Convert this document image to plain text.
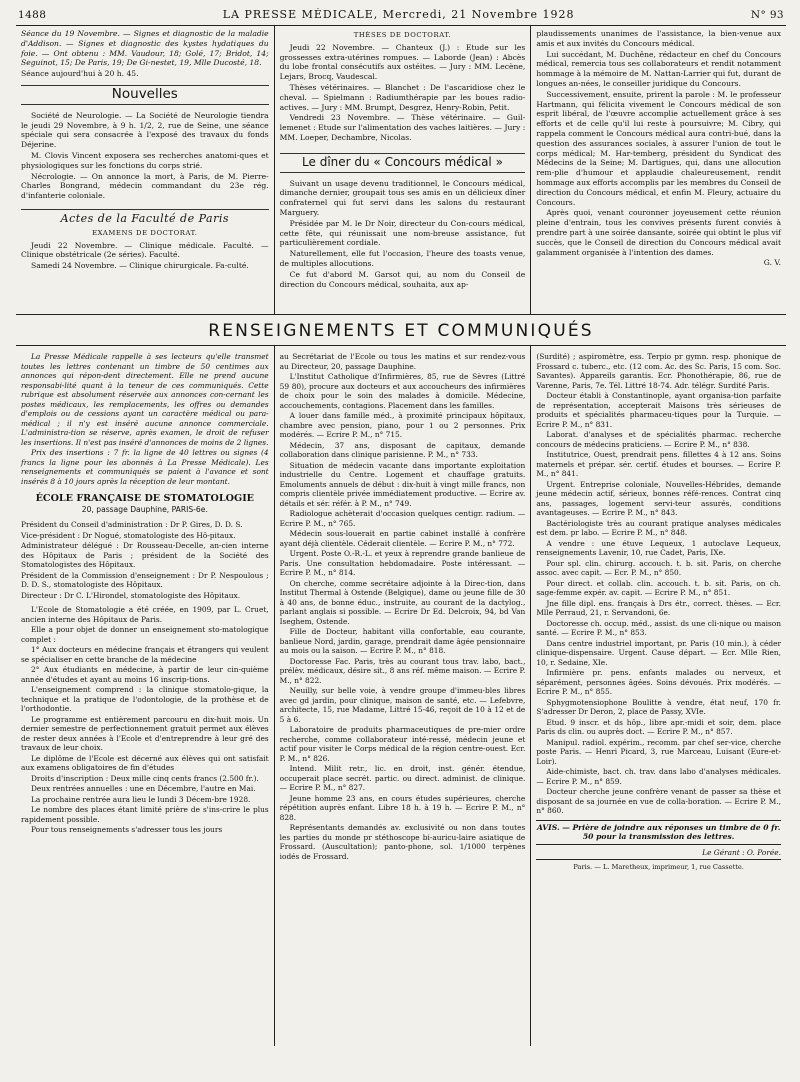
1488	LA PRESSE MÉDICALE, Mercredi, 21 Novembre 1928	N° 93

Séance du 19 Novembre. — Signes et diagnostic de la maladie d'Addison. — Signes et diagnostic des kystes hydatiques du foie. — Ont obtenu : MM. Vaudour, 18; Golé, 17; Bridot, 14; Seguinot, 15; De Paris, 19; De Gi-nestet, 19, Mlle Ducosté, 18.

Séance aujourd'hui à 20 h. 45.

Nouvelles

Société de Neurologie. — La Société de Neurologie tiendra le jeudi 29 Novembre, à 9 h. 1/2, 2, rue de Seine, une séance spéciale qui sera consacrée à l'exposé des travaux du fonds Déjerine.

M. Clovis Vincent exposera ses recherches anatomi-ques et physiologiques sur les fonctions du corps strié.

Nécrologie. — On annonce la mort, à Paris, de M. Pierre-Charles Bongrand, médecin commandant du 23e rég. d'infanterie coloniale.

Actes de la Faculté de Paris
EXAMENS DE DOCTORAT.

Jeudi 22 Novembre. — Clinique médicale. Faculté. — Clinique obstétricale (2e séries). Faculté.

Samedi 24 Novembre. — Clinique chirurgicale. Fa-culté.

THÈSES DE DOCTORAT.

Jeudi 22 Novembre. — Chanteux (J.) : Etude sur les grossesses extra-utérines rompues. — Laborde (Jean) : Abcès du lobe frontal consécutifs aux ostéites. — Jury : MM. Lecène, Lejars, Brocq, Vaudescal.

Thèses vétérinaires. — Blanchet : De l'ascaridiose chez le cheval. — Spielmann : Radiumthérapie par les boues radio-actives. — Jury : MM. Brumpt, Desgrez, Henry-Robin, Petit.

Vendredi 23 Novembre. — Thèse vétérinaire. — Guil-lemenet : Etude sur l'alimentation des vaches laitières. — Jury : MM. Loeper, Dechambre, Nicolas.

Le dîner du « Concours médical »

Suivant un usage devenu traditionnel, le Concours médical, dimanche dernier, groupait tous ses amis en un délicieux dîner confraternel qui fut servi dans les salons du restaurant Marguery.

Présidée par M. le Dr Noir, directeur du Con-cours médical, cette fête, qui réunissait une nom-breuse assistance, fut particulièrement cordiale.

Naturellement, elle fut l'occasion, l'heure des toasts venue, de multiples allocutions.

Ce fut d'abord M. Garsot qui, au nom du Conseil de direction du Concours médical, souhaita, aux ap-

plaudissements unanimes de l'assistance, la bien-venue aux amis et aux invités du Concours médical.

Lui succédant, M. Duchêne, rédacteur en chef du Concours médical, remercia tous ses collaborateurs et rendit notamment hommage à la mémoire de M. Nattan-Larrier qui fut, durant de longues an-nées, le conseiller juridique du Concours.

Successivement, ensuite, prirent la parole : M. le professeur Hartmann, qui félicita vivement le Concours médical de son esprit libéral, de l'œuvre accomplie actuellement grâce à ses efforts et de celle qu'il lui reste à poursuivre; M. Cibry, qui rappela comment le Concours médical aura contri-bué, dans la question des assurances sociales, à assurer l'union de tout le corps médical; M. Har-temberg, président du Syndicat des Médecins de la Seine; M. Dartigues, qui, dans une allocution rem-plie d'humour et applaudie chaleureusement, rendit hommage aux efforts accomplis par les membres du Conseil de direction du Concours médical, et enfin M. Fleury, actuaire du Concours.

Après quoi, venant couronner joyeusement cette réunion pleine d'entrain, tous les convives présents furent conviés à prendre part à une soirée dansante, soirée qui obtint le plus vif succès, que le Conseil de direction du Concours médical avait galamment organisée à l'intention des dames.

G. V.

RENSEIGNEMENTS ET COMMUNIQUÉS

La Presse Médicale rappelle à ses lecteurs qu'elle transmet toutes les lettres contenant un timbre de 50 centimes aux annonces qui répon-dent directement. Elle ne prend aucune responsabi-lité quant à la teneur de ces communiqués. Cette rubrique est absolument réservée aux annonces con-cernant les postes médicaux, les remplacements, les offres ou demandes d'emplois ou de cessions ayant un caractère médical ou para-médical ; il n'y est inséré aucune annonce commerciale. L'administra-tion se réserve, après examen, le droit de refuser les insertions. Il n'est pas inséré d'annonces de moins de 2 lignes.

Prix des insertions : 7 fr. la ligne de 40 lettres ou signes (4 francs la ligne pour les abonnés à La Presse Médicale). Les renseignements et communiqués se paient à l'avance et sont insérés 8 à 10 jours après la réception de leur montant.

ÉCOLE FRANÇAISE DE STOMATOLOGIE
20, passage Dauphine, PARIS-6e.

Président du Conseil d'administration : Dr P. Gires, D. D. S.

Vice-président : Dr Nogué, stomatologiste des Hô-pitaux.

Administrateur délégué : Dr Rousseau-Decelle, an-cien interne des Hôpitaux de Paris ; président de la Société des Stomatologistes des Hôpitaux.

Président de la Commission d'enseignement : Dr P. Nespoulous ; D. D. S., stomatologiste des Hôpitaux.

Directeur : Dr C. L'Hirondel, stomatologiste des Hôpitaux.

L'Ecole de Stomatologie a été créée, en 1909, par L. Cruet, ancien interne des Hôpitaux de Paris.

Elle a pour objet de donner un enseignement sto-matologique complet :

1° Aux docteurs en médecine français et étrangers qui veulent se spécialiser en cette branche de la médecine

2° Aux étudiants en médecine, à partir de leur cin-quième année d'études et ayant au moins 16 inscrip-tions.

L'enseignement comprend : la clinique stomatolo-gique, la technique et la pratique de l'odontologie, de la prothèse et de l'orthodontie.

Le programme est entièrement parcouru en dix-huit mois. Un dernier semestre de perfectionnement gratuit permet aux élèves de rester deux années à l'Ecole et d'entreprendre à leur gré des travaux de leur choix.

Le diplôme de l'Ecole est décerné aux élèves qui ont satisfait aux examens obligatoires de fin d'études

Droits d'inscription : Deux mille cinq cents francs (2.500 fr.).

Deux rentrées annuelles : une en Décembre, l'autre en Mai.

La prochaine rentrée aura lieu le lundi 3 Décem-bre 1928.

Le nombre des places étant limité prière de s'ins-crire le plus rapidement possible.

Pour tous renseignements s'adresser tous les jours

au Secrétariat de l'Ecole ou tous les matins et sur rendez-vous au Directeur, 20, passage Dauphine.

L'Institut Catholique d'Infirmières, 85, rue de Sèvres (Littré 59 80), procure aux docteurs et aux accoucheurs des infirmières de choix pour le soin des malades à domicile. Médecine, accouchements, contagions. Placement dans les familles.

A louer dans famille méd., à proximité principaux hôpitaux, chambre avec pension, piano, pour 1 ou 2 personnes. Prix modérés. — Ecrire P. M., n° 715.

Médecin, 37 ans, disposant de capitaux, demande collaboration dans clinique parisienne. P. M., n° 733.

Situation de médecin vacante dans importante exploitation industrielle du Centre. Logement et chauffage gratuits. Emoluments annuels de début : dix-huit à vingt mille francs, non compris clientèle privée immédiatement productive. — Ecrire av. détails et sér. référ. à P. M., n° 749.

Radiologue achèterait d'occasion quelques centigr. radium. — Ecrire P. M., n° 765.

Médecin sous-louerait en partie cabinet installé à confrère ayant déjà clientèle. Céderait clientèle. — Ecrire P. M., n° 772.

Urgent. Poste O.-R.-L. et yeux à reprendre grande banlieue de Paris. Une consultation hebdomadaire. Poste intéressant. — Ecrire P. M., n° 814.

On cherche, comme secrétaire adjointe à la Direc-tion, dans Institut Thermal à Ostende (Belgique), dame ou jeune fille de 30 à 40 ans, de bonne éduc., instruite, au courant de la dactylog., parlant anglais si possible. — Ecrire Dr Ed. Delcroix, 94, bd Van Iseghem, Ostende.

Fille de Docteur, habitant villa confortable, eau courante, banlieue Nord, jardin, garage, prendrait dame âgée pensionnaire au mois ou la saison. — Ecrire P. M., n° 818.

Doctoresse Fac. Paris, très au courant tous trav. labo, bact., prélèv. médicaux, désire sit., 8 ans réf. même maison. — Ecrire P. M., n° 822.

Neuilly, sur belle voie, à vendre groupe d'immeu-bles libres avec gd jardin, pour clinique, maison de santé, etc. — Lefebvre, architecte, 15, rue Madame, Littré 15-46, reçoit de 10 à 12 et de 5 à 6.

Laboratoire de produits pharmaceutiques de pre-mier ordre recherche, comme collaborateur inté-ressé, médecin jeune et actif pour visiter le Corps médical de la région centre-ouest. Ecr. P. M., n° 826.

Intend. Milit retr., lic. en droit, inst. génér. étendue, occuperait place secrét. partic. ou direct. administ. de clinique. — Ecrire P. M., n° 827.

Jeune homme 23 ans, en cours études supérieures, cherche répétition auprès enfant. Libre 18 h. à 19 h. — Ecrire P. M., n° 828.

Représentants demandés av. exclusivité ou non dans toutes les parties du monde pr stéthoscope bi-auricu-laire asiatique de Frossard. (Auscultation); panto-phone, sol. 1/1000 terpènes iodés de Frossard.

(Surdité) ; aspiromètre, ess. Terpio pr gymn. resp. phonique de Frossard c. tuberc., etc. (12 com. Ac. des Sc. Paris, 15 com. Soc. Savantes). Appareils garantis. Ecr. Phonothérapie, 86, rue de Varenne, Paris, 7e. Tél. Littré 18-74. Adr. télégr. Surdité Paris.

Docteur établi à Constantinople, ayant organisa-tion parfaite de représentation, accepterait Maisons très sérieuses de produits et spécialités pharmaceu-tiques pour la Turquie. — Ecrire P. M., n° 831.

Laborat. d'analyses et de spécialités pharmac. recherche concours de médecins praticiens. — Ecrire P. M., n° 838.

Institutrice, Ouest, prendrait pens. fillettes 4 à 12 ans. Soins maternels et prépar. sér. certif. études et bourses. — Ecrire P. M., n° 841.

Urgent. Entreprise coloniale, Nouvelles-Hébrides, demande jeune médecin actif, sérieux, bonnes réfé-rences. Contrat cinq ans, passages, logement servi-teur assurés, conditions avantageuses. — Ecrire P. M., n° 843.

Bactériologiste très au courant pratique analyses médicales est dem. pr labo. — Ecrire P. M., n° 848.

A vendre : une étuve Lequeux, 1 autoclave Lequeux, renseignements Lavenir, 10, rue Cadet, Paris, IXe.

Pour spl. clin. chirurg. accouch. t. b. sit. Paris, on cherche assoc. avec capit. — Ecr. P. M., n° 850.

Pour direct. et collab. clin. accouch. t. b. sit. Paris, on ch. sage-femme expér. av. capit. — Ecrire P. M., n° 851.

Jne fille dipl. ens. français à Drs étr., correct. thèses. — Ecr. Mlle Perraud, 21, r. Servandoni, 6e.

Doctoresse ch. occup. méd., assist. ds une cli-nique ou maison santé. — Ecrire P. M., n° 853.

Dans centre industriel important, pr. Paris (10 min.), à céder clinique-dispensaire. Urgent. Cause départ. — Ecr. Mlle Rien, 10, r. Sedaine, XIe.

Infirmière pr. pens. enfants malades ou nerveux, et séparément, personnes âgées. Soins dévoués. Prix modérés. — Ecrire P. M., n° 855.

Sphygmotensiophone Boulitte à vendre, état neuf, 170 fr. S'adresser Dr Deron, 2, place de Passy, XVIe.

Etud. 9 inscr. et ds hôp., libre apr.-midi et soir, dem. place Paris ds clin. ou auprès doct. — Ecrire P. M., n° 857.

Manipul. radiol. expérim., recomm. par chef ser-vice, cherche poste Paris. — Henri Picard, 3, rue Marceau, Luisant (Eure-et-Loir).

Aide-chimiste, bact. ch. trav. dans labo d'analyses médicales. — Ecrire P. M., n° 859.

Docteur cherche jeune confrère venant de passer sa thèse et disposant de sa journée en vue de colla-boration. — Ecrire P. M., n° 860.

AVIS. — Prière de joindre aux réponses un timbre de 0 fr. 50 pour la transmission des lettres.
Le Gérant : O. Porée.
Paris. — L. Maretheux, imprimeur, 1, rue Cassette.
